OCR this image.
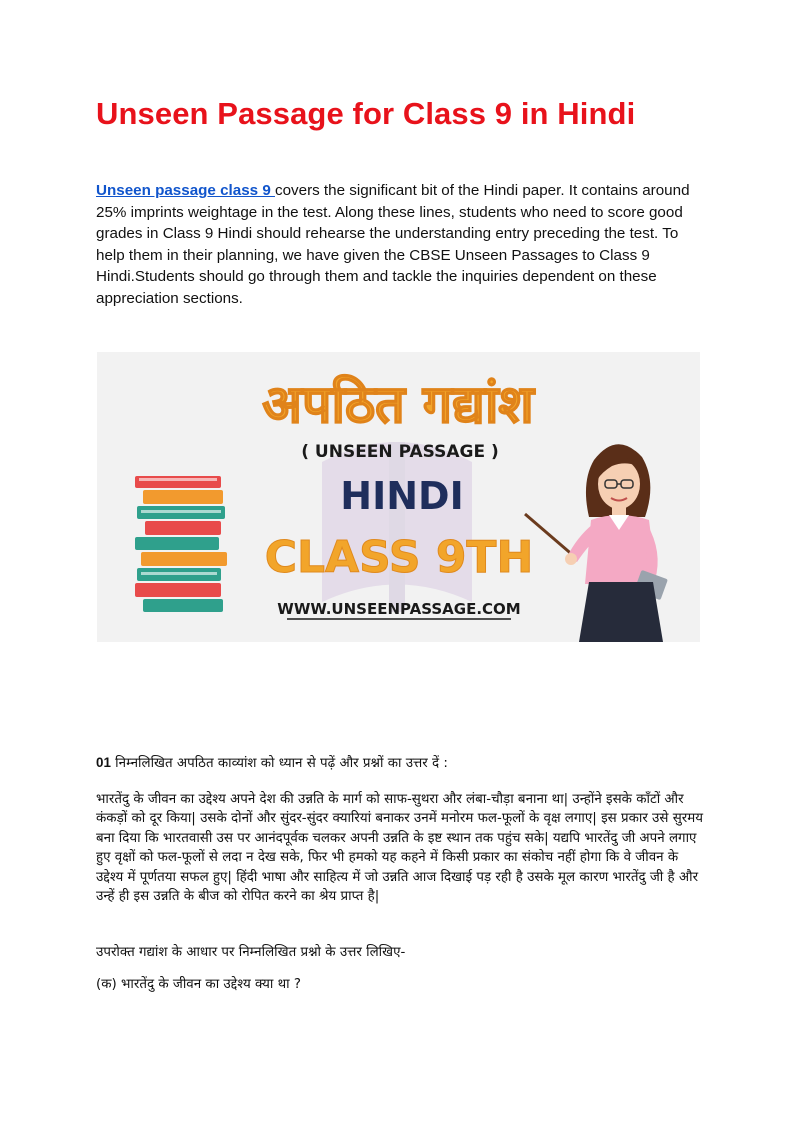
Unseen Passage for Class 9 in Hindi

Unseen passage class 9 covers the significant bit of the Hindi paper. It contains around 25% imprints weightage in the test. Along these lines, students who need to score good grades in Class 9 Hindi should rehearse the understanding entry preceding the test. To help them in their planning, we have given the CBSE Unseen Passages to Class 9 Hindi.Students should go through them and tackle the inquiries dependent on these appreciation sections.

अपठित गद्यांश
( UNSEEN PASSAGE )
HINDI
CLASS 9TH
WWW.UNSEENPASSAGE.COM

01 निम्नलिखित अपठित काव्यांश को ध्यान से पढ़ें और प्रश्नों का उत्तर दें :

भारतेंदु के जीवन का उद्देश्य अपने देश की उन्नति के मार्ग को साफ-सुथरा और लंबा-चौड़ा बनाना था| उन्होंने इसके काँटों और कंकड़ों को दूर किया| उसके दोनों और सुंदर-सुंदर क्यारियां बनाकर उनमें मनोरम फल-फूलों के वृक्ष लगाए| इस प्रकार उसे सुरमय बना दिया कि भारतवासी उस पर आनंदपूर्वक चलकर अपनी उन्नति के इष्ट स्थान तक पहुंच सके| यद्यपि भारतेंदु जी अपने लगाए हुए वृक्षों को फल-फूलों से लदा न देख सके, फिर भी हमको यह कहने में किसी प्रकार का संकोच नहीं होगा कि वे जीवन के उद्देश्य में पूर्णतया सफल हुए| हिंदी भाषा और साहित्य में जो उन्नति आज दिखाई पड़ रही है उसके मूल कारण भारतेंदु जी है और उन्हें ही इस उन्नति के बीज को रोपित करने का श्रेय प्राप्त है|

उपरोक्त गद्यांश के आधार पर निम्नलिखित प्रश्नो के उत्तर लिखिए-

(क) भारतेंदु के जीवन का उद्देश्य क्या था ?
